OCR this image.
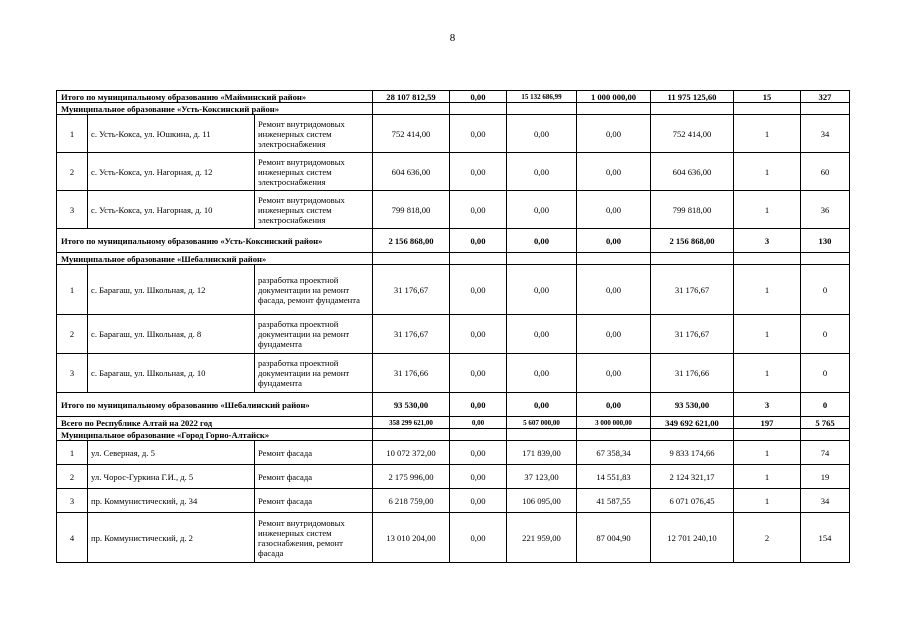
8
Итого по муниципальному образованию «Майминский район»			28 107 812,59	0,00	15 132 686,99	1 000 000,00	11 975 125,60	15	327
Муниципальное образование «Усть-Коксинский район»									
1	с. Усть-Кокса, ул. Юшкина, д. 11	Ремонт внутридомовых инженерных систем электроснабжения	752 414,00	0,00	0,00	0,00	752 414,00	1	34
2	с. Усть-Кокса, ул. Нагорная, д. 12	Ремонт внутридомовых инженерных систем электроснабжения	604 636,00	0,00	0,00	0,00	604 636,00	1	60
3	с. Усть-Кокса, ул. Нагорная, д. 10	Ремонт внутридомовых инженерных систем электроснабжения	799 818,00	0,00	0,00	0,00	799 818,00	1	36
Итого по муниципальному образованию «Усть-Коксинский район»			2 156 868,00	0,00	0,00	0,00	2 156 868,00	3	130
Муниципальное образование «Шебалинский район»									
1	с. Барагаш, ул. Школьная, д. 12	разработка проектной документации на ремонт фасада, ремонт фундамента	31 176,67	0,00	0,00	0,00	31 176,67	1	0
2	с. Барагаш, ул. Школьная, д. 8	разработка проектной документации на ремонт фундамента	31 176,67	0,00	0,00	0,00	31 176,67	1	0
3	с. Барагаш, ул. Школьная, д. 10	разработка проектной документации на ремонт фундамента	31 176,66	0,00	0,00	0,00	31 176,66	1	0
Итого по муниципальному образованию «Шебалинский район»			93 530,00	0,00	0,00	0,00	93 530,00	3	0
Всего по Республике Алтай на 2022 год			358 299 621,00	0,00	5 607 000,00	3 000 000,00	349 692 621,00	197	5 765
Муниципальное образование «Город Горно-Алтайск»									
1	ул. Северная, д. 5	Ремонт фасада	10 072 372,00	0,00	171 839,00	67 358,34	9 833 174,66	1	74
2	ул. Чорос-Гуркина Г.И., д. 5	Ремонт фасада	2 175 996,00	0,00	37 123,00	14 551,83	2 124 321,17	1	19
3	пр. Коммунистический, д. 34	Ремонт фасада	6 218 759,00	0,00	106 095,00	41 587,55	6 071 076,45	1	34
4	пр. Коммунистический, д. 2	Ремонт внутридомовых инженерных систем газоснабжения, ремонт фасада	13 010 204,00	0,00	221 959,00	87 004,90	12 701 240,10	2	154
